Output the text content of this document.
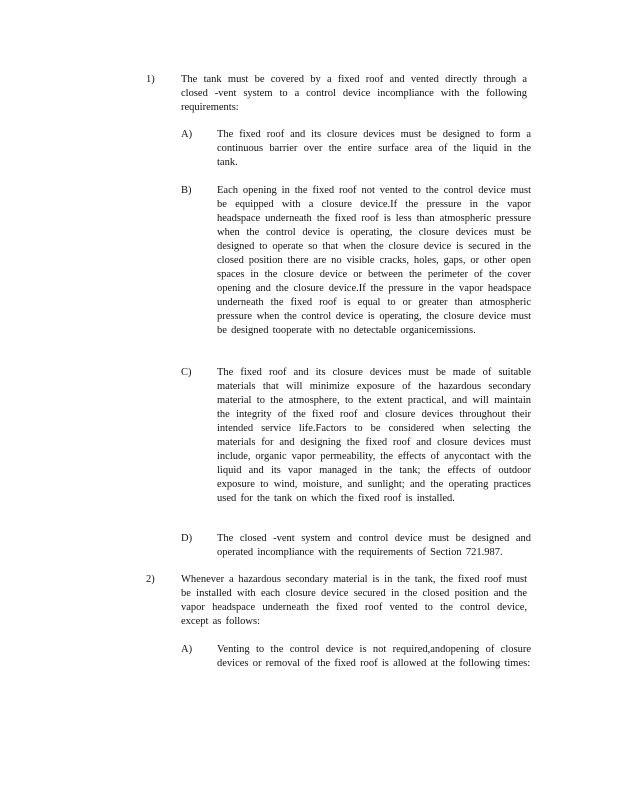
1)	The tank must be covered by a fixed roof and vented directly through a closed -vent system to a control device incompliance with the following requirements:
A) The fixed roof and its closure devices must be designed to form a continuous barrier over the entire surface area of the liquid in the tank.
B) Each opening in the fixed roof not vented to the control device must be equipped with a closure device.If the pressure in the vapor headspace underneath the fixed roof is less than atmospheric pressure when the control device is operating, the closure devices must be designed to operate so that when the closure device is secured in the closed position there are no visible cracks, holes, gaps, or other open spaces in the closure device or between the perimeter of the cover opening and the closure device.If the pressure in the vapor headspace underneath the fixed roof is equal to or greater than atmospheric pressure when the control device is operating, the closure device must be designed tooperate with no detectable organicemissions.
C) The fixed roof and its closure devices must be made of suitable materials that will minimize exposure of the hazardous secondary material to the atmosphere, to the extent practical, and will maintain the integrity of the fixed roof and closure devices throughout their intended service life.Factors to be considered when selecting the materials for and designing the fixed roof and closure devices must include, organic vapor permeability, the effects of anycontact with the liquid and its vapor managed in the tank; the effects of outdoor exposure to wind, moisture, and sunlight; and the operating practices used for the tank on which the fixed roof is installed.
D) The closed -vent system and control device must be designed and operated incompliance with the requirements of Section 721.987.
2)	Whenever a hazardous secondary material is in the tank, the fixed roof must be installed with each closure device secured in the closed position and the vapor headspace underneath the fixed roof vented to the control device, except as follows:
A) Venting to the control device is not required,andopening of closure devices or removal of the fixed roof is allowed at the following times:
